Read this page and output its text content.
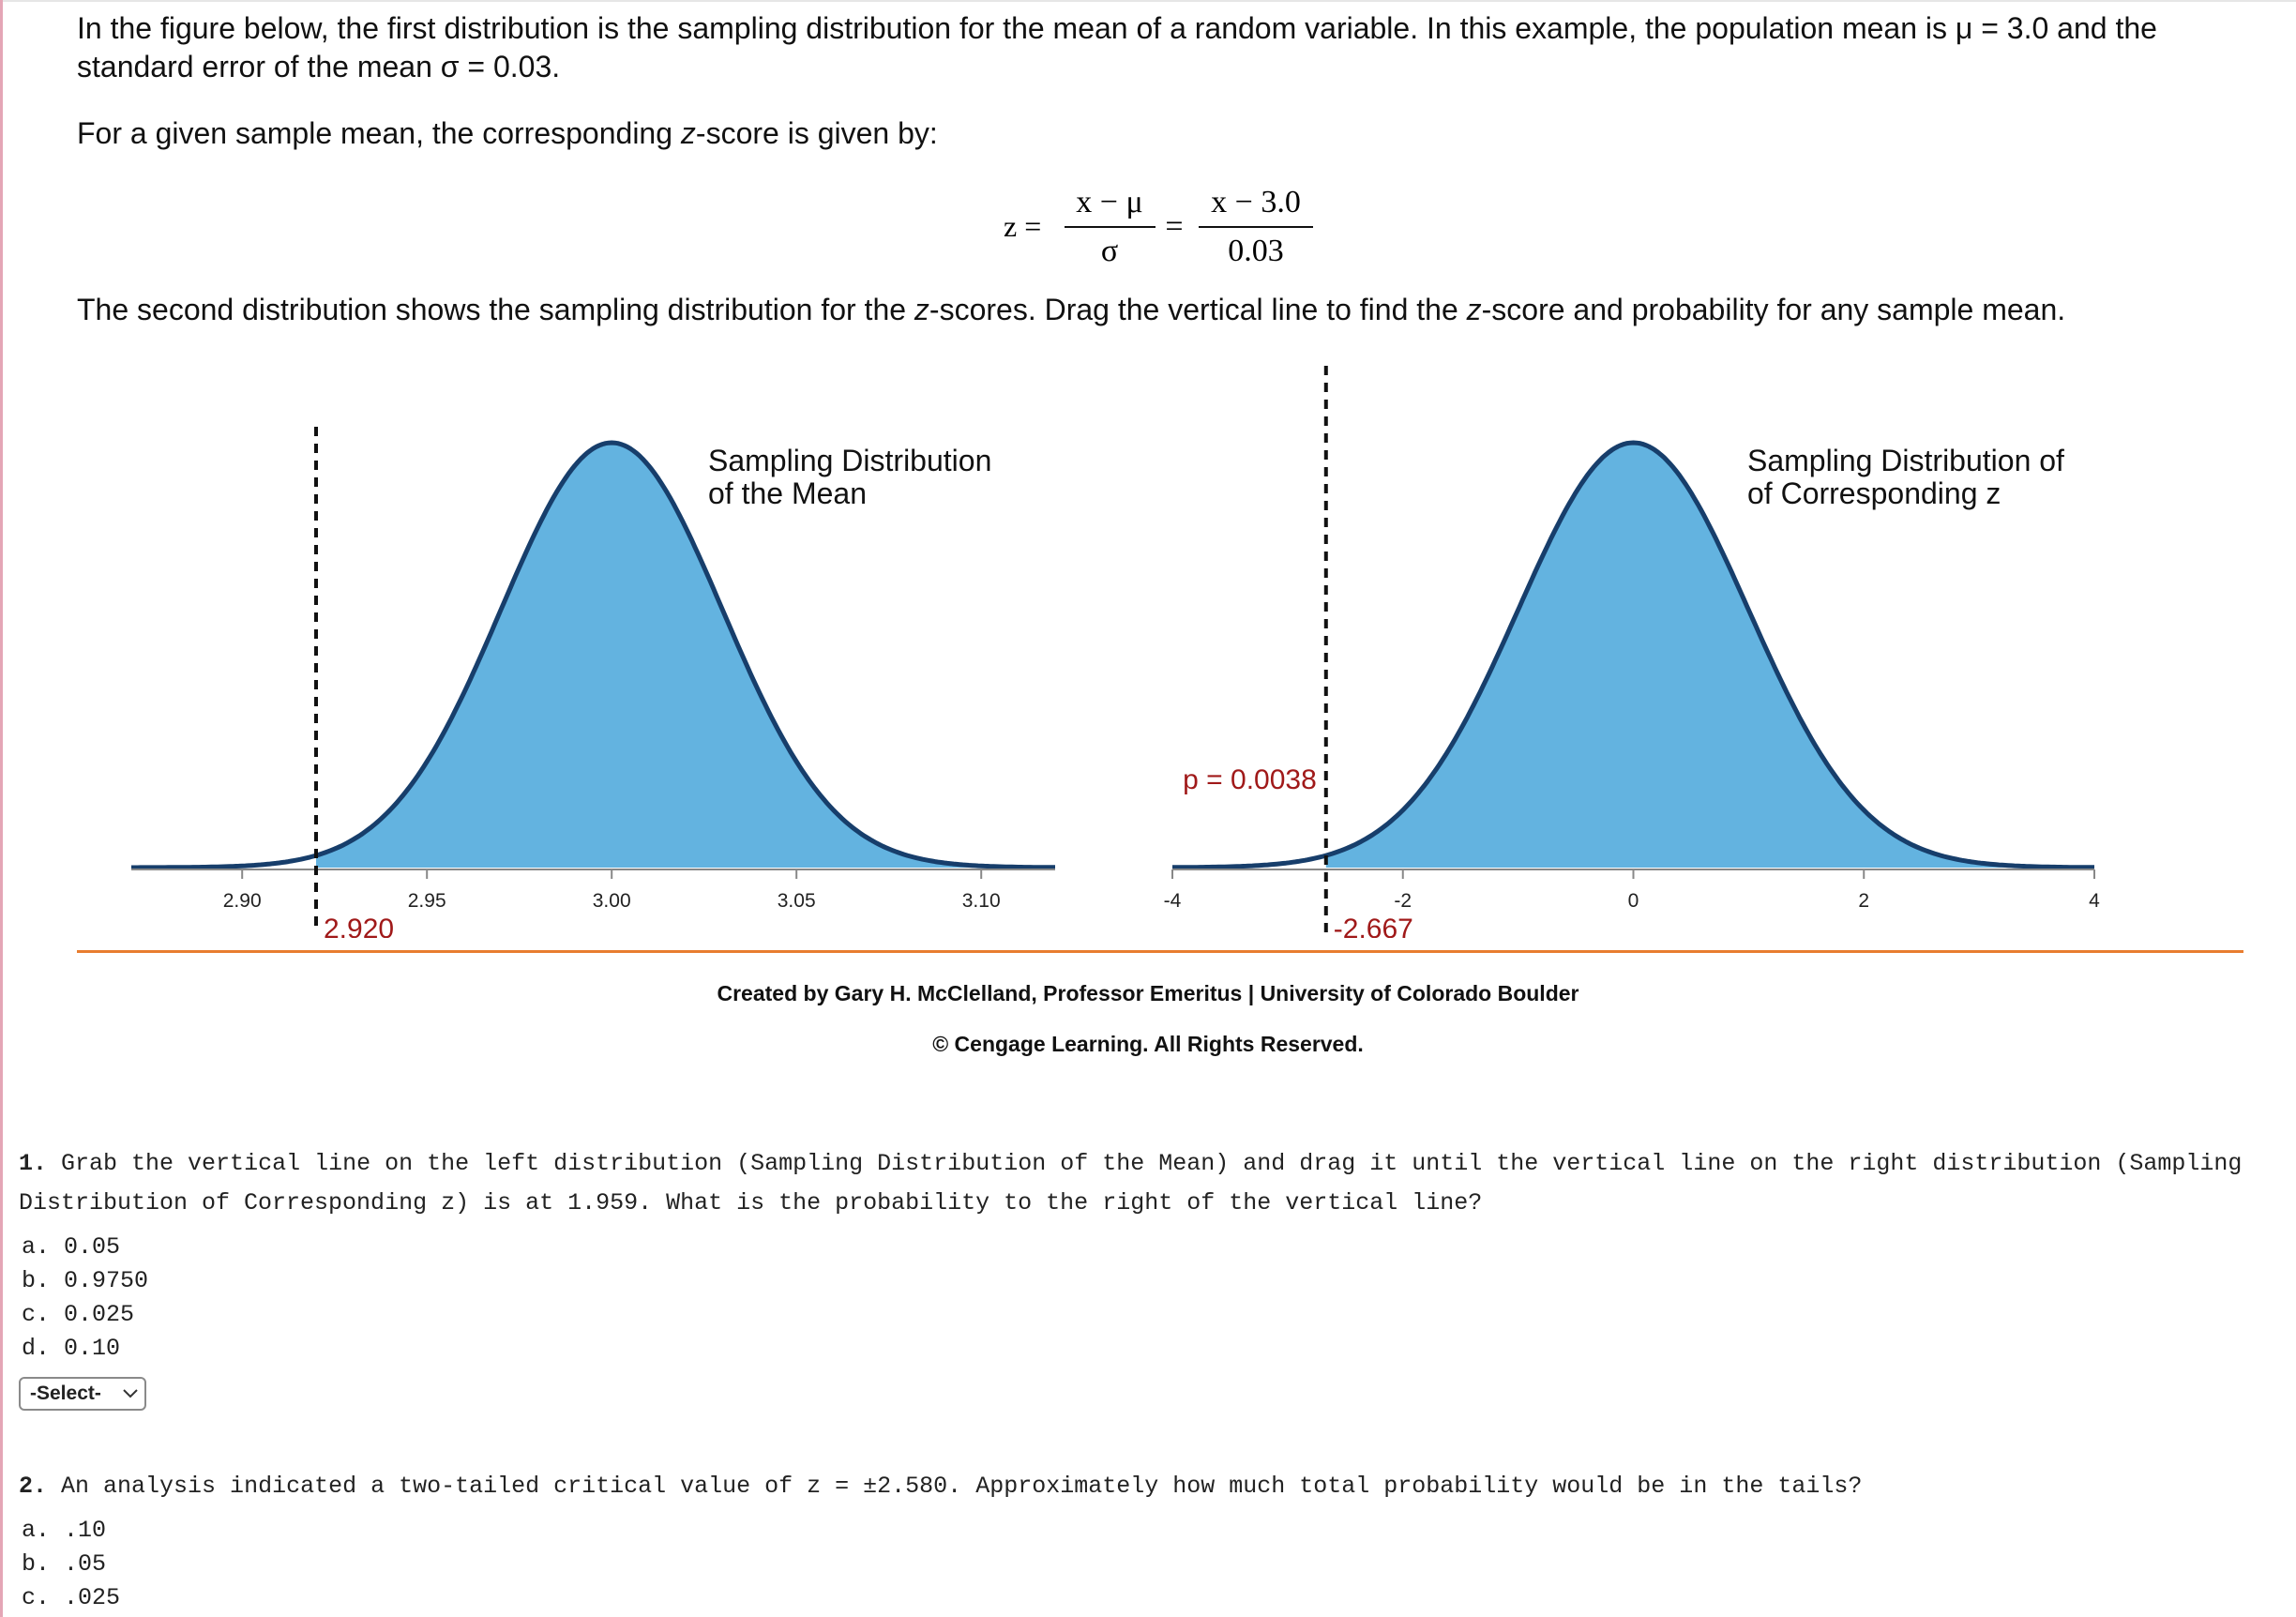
In the figure below, the first distribution is the sampling distribution for the mean of a random variable. In this example, the population mean is μ = 3.0 and the standard error of the mean σ = 0.03.

For a given sample mean, the corresponding z-score is given by:

z =
x − μ
σ
=
x − 3.0
0.03

The second distribution shows the sampling distribution for the z-scores. Drag the vertical line to find the z-score and probability for any sample mean.

2.90	2.95	3.00	3.05	3.10
2.920
Sampling Distribution
of the Mean
-4	-2	0	2	4
-2.667
p = 0.0038
Sampling Distribution of
of Corresponding z
Created by Gary H. McClelland, Professor Emeritus | University of Colorado Boulder
© Cengage Learning. All Rights Reserved.

1. Grab the vertical line on the left distribution (Sampling Distribution of the Mean) and drag it until the vertical line on the right distribution (Sampling Distribution of Corresponding z) is at 1.959. What is the probability to the right of the vertical line?

a. 0.05
b. 0.9750
c. 0.025
d. 0.10
-Select-

2. An analysis indicated a two-tailed critical value of z = ±2.580. Approximately how much total probability would be in the tails?

a. .10
b. .05
c. .025
